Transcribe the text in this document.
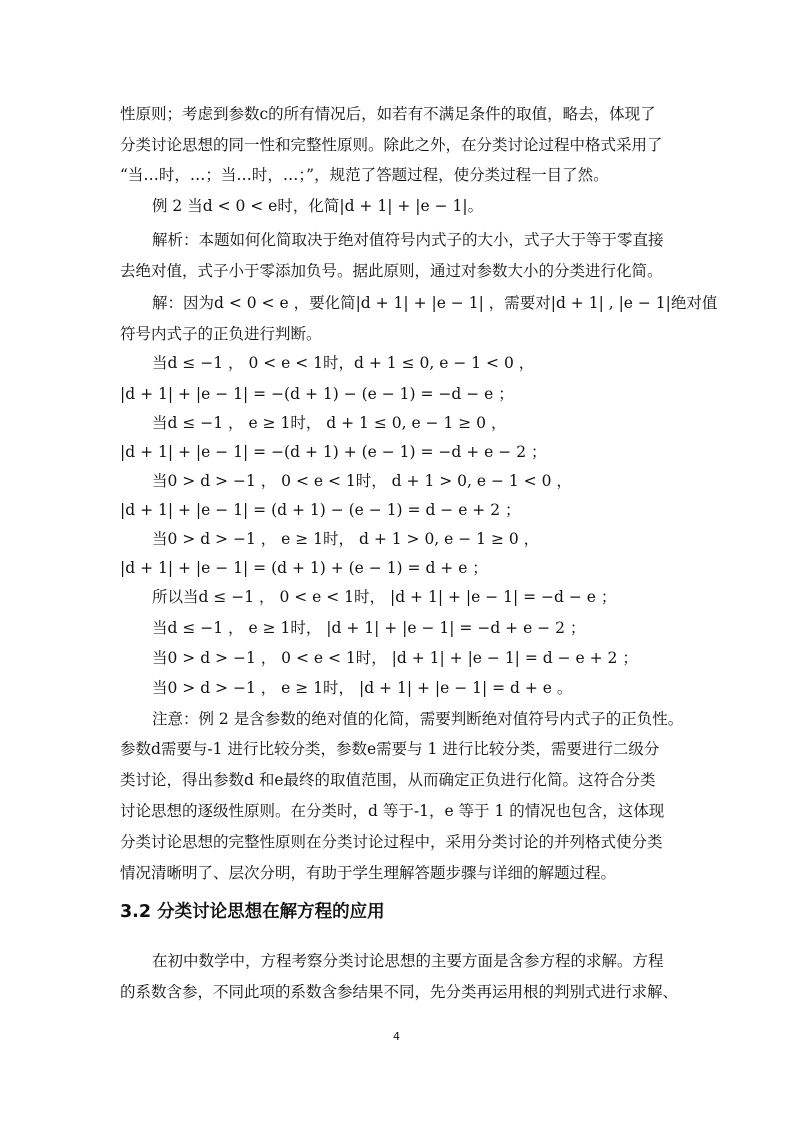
性原则；考虑到参数c的所有情况后，如若有不满足条件的取值，略去，体现了
分类讨论思想的同一性和完整性原则。除此之外，在分类讨论过程中格式采用了
“当…时，…；当…时，…；”，规范了答题过程，使分类过程一目了然。
例 2 当d < 0 < e时，化简|d + 1| + |e − 1|。
解析：本题如何化简取决于绝对值符号内式子的大小，式子大于等于零直接
去绝对值，式子小于零添加负号。据此原则，通过对参数大小的分类进行化简。
解：因为d < 0 < e ，要化简|d + 1| + |e − 1| ，需要对|d + 1| , |e − 1|绝对值
符号内式子的正负进行判断。
当d ≤ −1 ， 0 < e < 1时，d + 1 ≤ 0, e − 1 < 0 ，
|d + 1| + |e − 1| = −(d + 1) − (e − 1) = −d − e ；
当d ≤ −1 ， e ≥ 1时， d + 1 ≤ 0, e − 1 ≥ 0 ，
|d + 1| + |e − 1| = −(d + 1) + (e − 1) = −d + e − 2 ；
当0 > d > −1 ， 0 < e < 1时， d + 1 > 0, e − 1 < 0 ，
|d + 1| + |e − 1| = (d + 1) − (e − 1) = d − e + 2 ；
当0 > d > −1 ， e ≥ 1时， d + 1 > 0, e − 1 ≥ 0 ，
|d + 1| + |e − 1| = (d + 1) + (e − 1) = d + e ；
所以当d ≤ −1 ， 0 < e < 1时， |d + 1| + |e − 1| = −d − e ；
当d ≤ −1 ， e ≥ 1时， |d + 1| + |e − 1| = −d + e − 2 ；
当0 > d > −1 ， 0 < e < 1时， |d + 1| + |e − 1| = d − e + 2 ；
当0 > d > −1 ， e ≥ 1时， |d + 1| + |e − 1| = d + e 。
注意：例 2 是含参数的绝对值的化简，需要判断绝对值符号内式子的正负性。
参数d需要与-1 进行比较分类，参数e需要与 1 进行比较分类，需要进行二级分
类讨论，得出参数d 和e最终的取值范围，从而确定正负进行化简。这符合分类
讨论思想的逐级性原则。在分类时，d 等于-1，e 等于 1 的情况也包含，这体现
分类讨论思想的完整性原则在分类讨论过程中，采用分类讨论的并列格式使分类
情况清晰明了、层次分明，有助于学生理解答题步骤与详细的解题过程。
3.2 分类讨论思想在解方程的应用
在初中数学中，方程考察分类讨论思想的主要方面是含参方程的求解。方程
的系数含参，不同此项的系数含参结果不同，先分类再运用根的判别式进行求解、
4
